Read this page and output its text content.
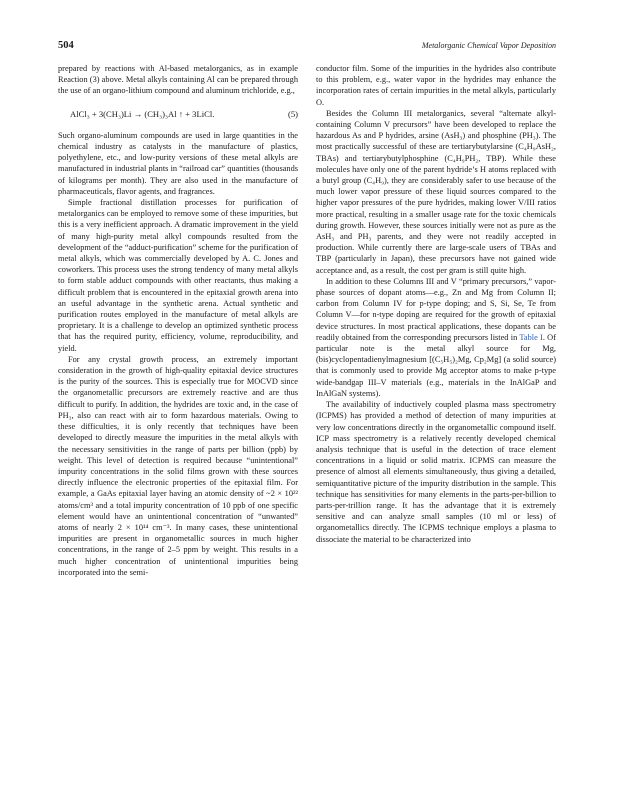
504	Metalorganic Chemical Vapor Deposition

prepared by reactions with Al-based metalorganics, as in example Reaction (3) above. Metal alkyls containing Al can be prepared through the use of an organo-lithium compound and aluminum trichloride, e.g.,

AlCl₃ + 3(CH₃)Li → (CH₃)₃Al ↑ + 3LiCl.	(5)

Such organo-aluminum compounds are used in large quantities in the chemical industry as catalysts in the manufacture of plastics, polyethylene, etc., and low-purity versions of these metal alkyls are manufactured in industrial plants in “railroad car” quantities (thousands of kilograms per month). They are also used in the manufacture of pharmaceuticals, flavor agents, and fragrances.

Simple fractional distillation processes for purification of metalorganics can be employed to remove some of these impurities, but this is a very inefficient approach. A dramatic improvement in the yield of many high-purity metal alkyl compounds resulted from the development of the “adduct-purification” scheme for the purification of metal alkyls, which was commercially developed by A. C. Jones and coworkers. This process uses the strong tendency of many metal alkyls to form stable adduct compounds with other reactants, thus making a difficult problem that is encountered in the epitaxial growth arena into an useful advantage in the synthetic arena. Actual synthetic and purification routes employed in the manufacture of metal alkyls are proprietary. It is a challenge to develop an optimized synthetic process that has the required purity, efficiency, volume, reproducibility, and yield.

For any crystal growth process, an extremely important consideration in the growth of high-quality epitaxial device structures is the purity of the sources. This is especially true for MOCVD since the organometallic precursors are extremely reactive and are thus difficult to purify. In addition, the hydrides are toxic and, in the case of PH₃, also can react with air to form hazardous materials. Owing to these difficulties, it is only recently that techniques have been developed to directly measure the impurities in the metal alkyls with the necessary sensitivities in the range of parts per billion (ppb) by weight. This level of detection is required because “unintentional” impurity concentrations in the solid films grown with these sources directly influence the electronic properties of the epitaxial film. For example, a GaAs epitaxial layer having an atomic density of ~2 × 10²² atoms/cm³ and a total impurity concentration of 10 ppb of one specific element would have an unintentional concentration of “unwanted” atoms of nearly 2 × 10¹⁴ cm⁻³. In many cases, these unintentional impurities are present in organometallic sources in much higher concentrations, in the range of 2–5 ppm by weight. This results in a much higher concentration of unintentional impurities being incorporated into the semi-

conductor film. Some of the impurities in the hydrides also contribute to this problem, e.g., water vapor in the hydrides may enhance the incorporation rates of certain impurities in the metal alkyls, particularly O.

Besides the Column III metalorganics, several “alternate alkyl-containing Column V precursors” have been developed to replace the hazardous As and P hydrides, arsine (AsH₃) and phosphine (PH₃). The most practically successful of these are tertiarybutylarsine (C₄H₉AsH₂, TBAs) and tertiarybutylphosphine (C₄H₉PH₂, TBP). While these molecules have only one of the parent hydride’s H atoms replaced with a butyl group (C₄H₉), they are considerably safer to use because of the much lower vapor pressure of these liquid sources compared to the higher vapor pressures of the pure hydrides, making lower V/III ratios more practical, resulting in a smaller usage rate for the toxic chemicals during growth. However, these sources initially were not as pure as the AsH₃ and PH₃ parents, and they were not readily accepted in production. While currently there are large-scale users of TBAs and TBP (particularly in Japan), these precursors have not gained wide acceptance and, as a result, the cost per gram is still quite high.

In addition to these Columns III and V “primary precursors,” vapor-phase sources of dopant atoms—e.g., Zn and Mg from Column II; carbon from Column IV for p-type doping; and S, Si, Se, Te from Column V—for n-type doping are required for the growth of epitaxial device structures. In most practical applications, these dopants can be readily obtained from the corresponding precursors listed in Table I. Of particular note is the metal alkyl source for Mg, (bis)cyclopentadienylmagnesium [(C₅H₅)₂Mg, Cp₂Mg] (a solid source) that is commonly used to provide Mg acceptor atoms to make p-type wide-bandgap III–V materials (e.g., materials in the InAlGaP and InAlGaN systems).

The availability of inductively coupled plasma mass spectrometry (ICPMS) has provided a method of detection of many impurities at very low concentrations directly in the organometallic compound itself. ICP mass spectrometry is a relatively recently developed chemical analysis technique that is useful in the detection of trace element concentrations in a liquid or solid matrix. ICPMS can measure the presence of almost all elements simultaneously, thus giving a detailed, semiquantitative picture of the impurity distribution in the sample. This technique has sensitivities for many elements in the parts-per-billion to parts-per-trillion range. It has the advantage that it is extremely sensitive and can analyze small samples (10 ml or less) of organometallics directly. The ICPMS technique employs a plasma to dissociate the material to be characterized into
